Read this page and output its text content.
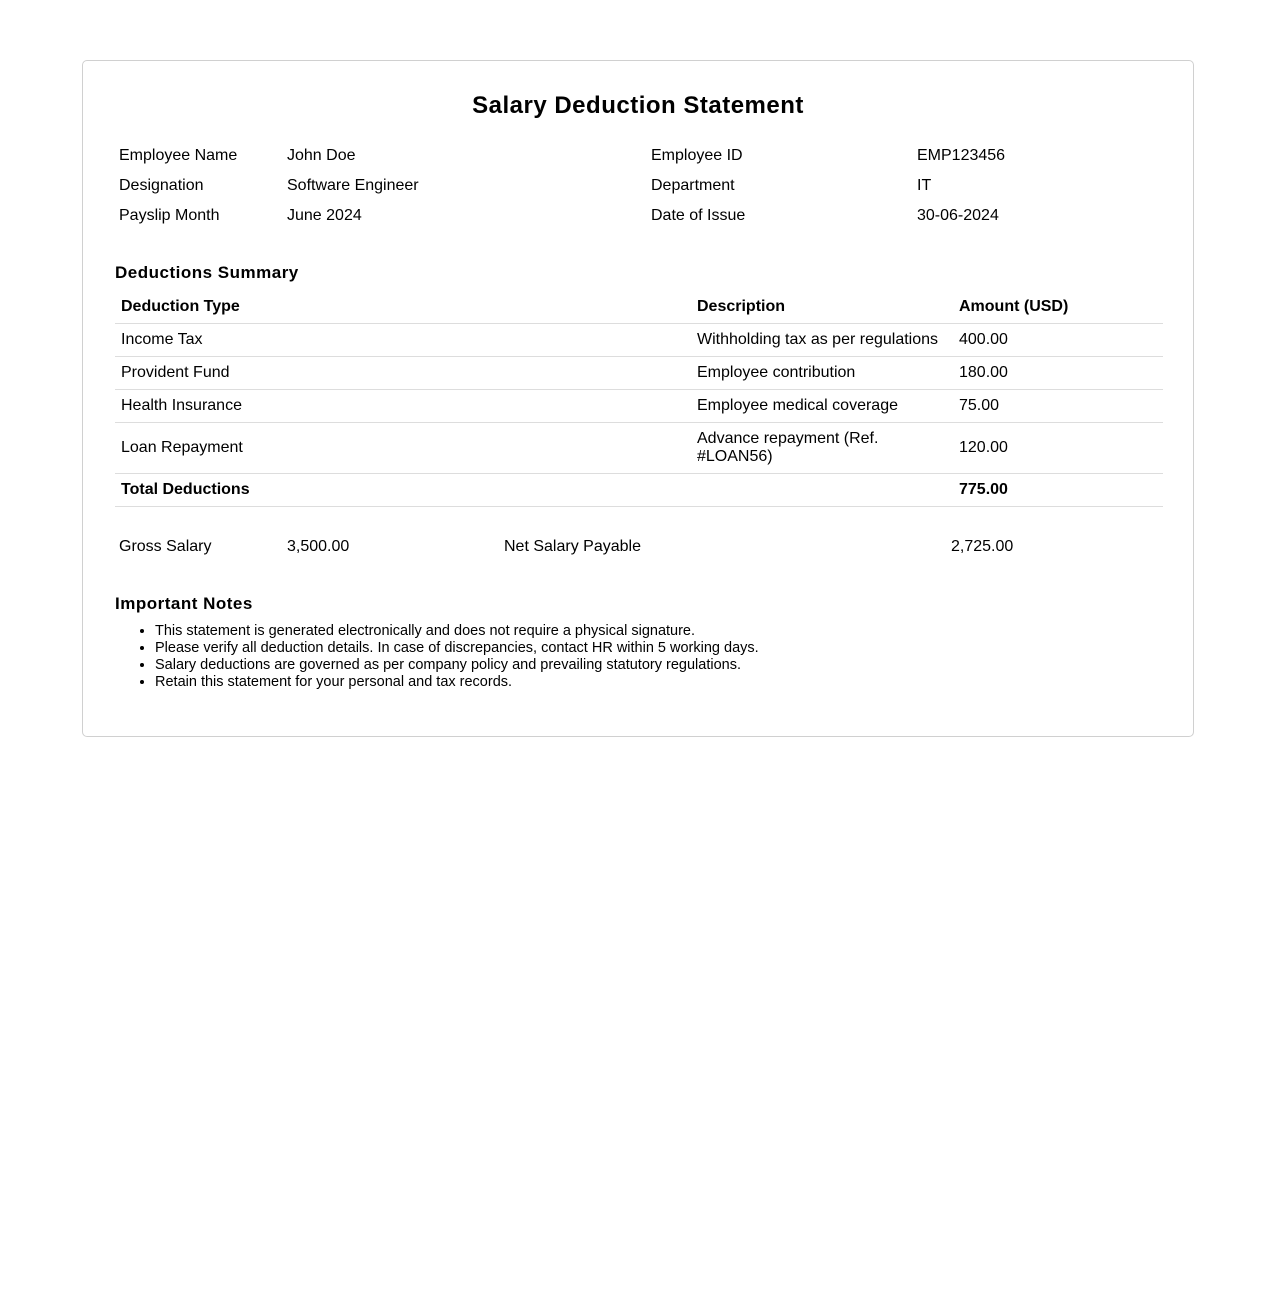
Salary Deduction Statement
Employee Name	John Doe	Employee ID	EMP123456
Designation	Software Engineer	Department	IT
Payslip Month	June 2024	Date of Issue	30-06-2024
Deductions Summary
Deduction Type	Description	Amount (USD)
Income Tax	Withholding tax as per regulations	400.00
Provident Fund	Employee contribution	180.00
Health Insurance	Employee medical coverage	75.00
Loan Repayment	Advance repayment (Ref. #LOAN56)	120.00
Total Deductions		775.00
Gross Salary	3,500.00	Net Salary Payable	2,725.00
Important Notes
• This statement is generated electronically and does not require a physical signature.
• Please verify all deduction details. In case of discrepancies, contact HR within 5 working days.
• Salary deductions are governed as per company policy and prevailing statutory regulations.
• Retain this statement for your personal and tax records.
